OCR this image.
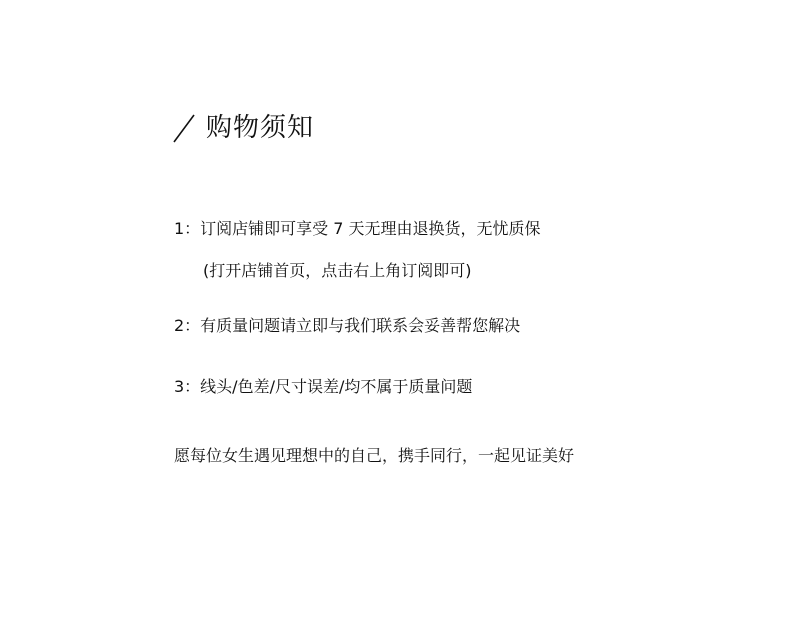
购物须知
1：订阅店铺即可享受 7 天无理由退换货，无忧质保
(打开店铺首页，点击右上角订阅即可)
2：有质量问题请立即与我们联系会妥善帮您解决
3：线头/色差/尺寸误差/均不属于质量问题
愿每位女生遇见理想中的自己，携手同行，一起见证美好
